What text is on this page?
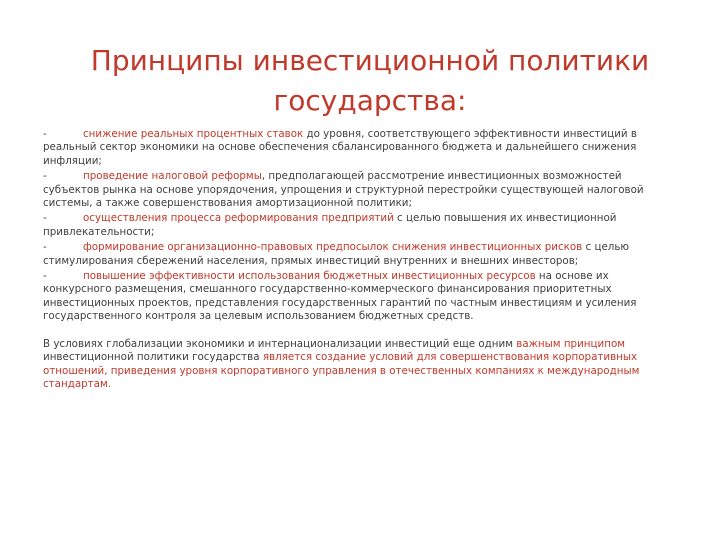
Принципы инвестиционной политики
государства:
-	снижение реальных процентных ставок до уровня, соответствующего эффективности инвестиций в реальный сектор экономики на основе обеспечения сбалансированного бюджета и дальнейшего снижения инфляции;
-	проведение налоговой реформы, предполагающей рассмотрение инвестиционных возможностей субъектов рынка на основе упорядочения, упрощения и структурной перестройки существующей налоговой системы, а также совершенствования амортизационной политики;
-	осуществления процесса реформирования предприятий с целью повышения их инвестиционной привлекательности;
-	формирование организационно-правовых предпосылок снижения инвестиционных рисков с целью стимулирования сбережений населения, прямых инвестиций внутренних и внешних инвесторов;
-	повышение эффективности использования бюджетных инвестиционных ресурсов на основе их конкурсного размещения, смешанного государственно-коммерческого финансирования приоритетных инвестиционных проектов, представления государственных гарантий по частным инвестициям и усиления государственного контроля за целевым использованием бюджетных средств.
В условиях глобализации экономики и интернационализации инвестиций еще одним важным принципом инвестиционной политики государства является создание условий для совершенствования корпоративных отношений, приведения уровня корпоративного управления в отечественных компаниях к международным стандартам.
